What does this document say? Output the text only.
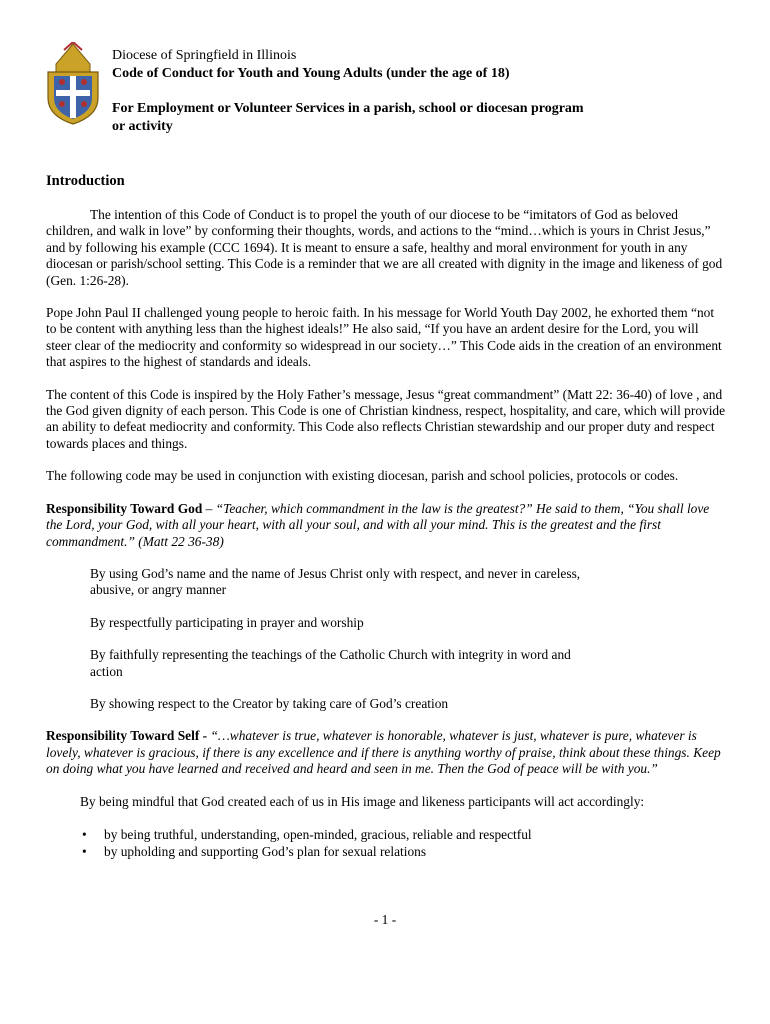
Diocese of Springfield in Illinois
Code of Conduct for Youth and Young Adults (under the age of 18)
For Employment or Volunteer Services in a parish, school or diocesan program
or activity
Introduction

The intention of this Code of Conduct is to propel the youth of our diocese to be “imitators of God as beloved children, and walk in love” by conforming their thoughts, words, and actions to the “mind…which is yours in Christ Jesus,” and by following his example (CCC 1694). It is meant to ensure a safe, healthy and moral environment for youth in any diocesan or parish/school setting. This Code is a reminder that we are all created with dignity in the image and likeness of god (Gen. 1:26-28).

Pope John Paul II challenged young people to heroic faith. In his message for World Youth Day 2002, he exhorted them “not to be content with anything less than the highest ideals!” He also said, “If you have an ardent desire for the Lord, you will steer clear of the mediocrity and conformity so widespread in our society…” This Code aids in the creation of an environment that aspires to the highest of standards and ideals.

The content of this Code is inspired by the Holy Father’s message, Jesus “great commandment” (Matt 22: 36-40) of love , and the God given dignity of each person. This Code is one of Christian kindness, respect, hospitality, and care, which will provide an ability to defeat mediocrity and conformity. This Code also reflects Christian stewardship and our proper duty and respect towards places and things.

The following code may be used in conjunction with existing diocesan, parish and school policies, protocols or codes.

Responsibility Toward God – “Teacher, which commandment in the law is the greatest?” He said to them, “You shall love the Lord, your God, with all your heart, with all your soul, and with all your mind. This is the greatest and the first commandment.” (Matt 22 36-38)

By using God’s name and the name of Jesus Christ only with respect, and never in careless, abusive, or angry manner
By respectfully participating in prayer and worship
By faithfully representing the teachings of the Catholic Church with integrity in word and action
By showing respect to the Creator by taking care of God’s creation

Responsibility Toward Self - “…whatever is true, whatever is honorable, whatever is just, whatever is pure, whatever is lovely, whatever is gracious, if there is any excellence and if there is anything worthy of praise, think about these things. Keep on doing what you have learned and received and heard and seen in me. Then the God of peace will be with you.”

By being mindful that God created each of us in His image and likeness participants will act accordingly:

• by being truthful, understanding, open-minded, gracious, reliable and respectful
• by upholding and supporting God’s plan for sexual relations
- 1 -
